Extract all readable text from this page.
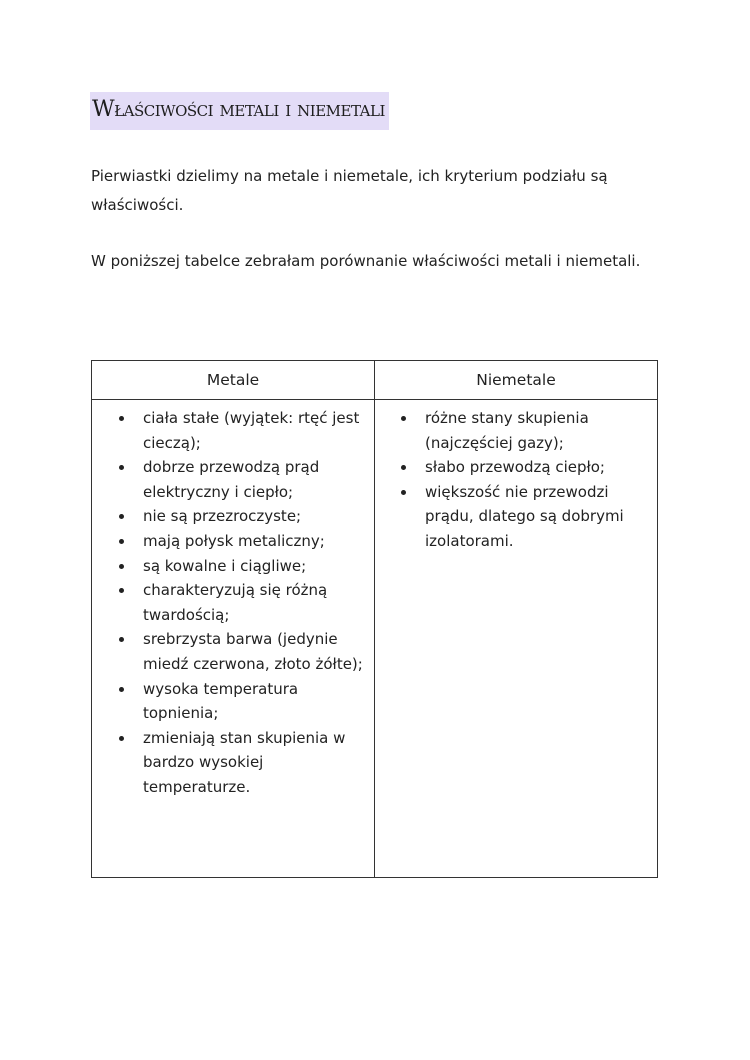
Właściwości metali i niemetali

Pierwiastki dzielimy na metale i niemetale, ich kryterium podziału są właściwości.

W poniższej tabelce zebrałam porównanie właściwości metali i niemetali.

Metale	Niemetale
ciała stałe (wyjątek: rtęć jest cieczą);
dobrze przewodzą prąd elektryczny i ciepło;
nie są przezroczyste;
mają połysk metaliczny;
są kowalne i ciągliwe;
charakteryzują się różną twardością;
srebrzysta barwa (jedynie miedź czerwona, złoto żółte);
wysoka temperatura topnienia;
zmieniają stan skupienia w bardzo wysokiej temperaturze.
różne stany skupienia (najczęściej gazy);
słabo przewodzą ciepło;
większość nie przewodzi prądu, dlatego są dobrymi izolatorami.
